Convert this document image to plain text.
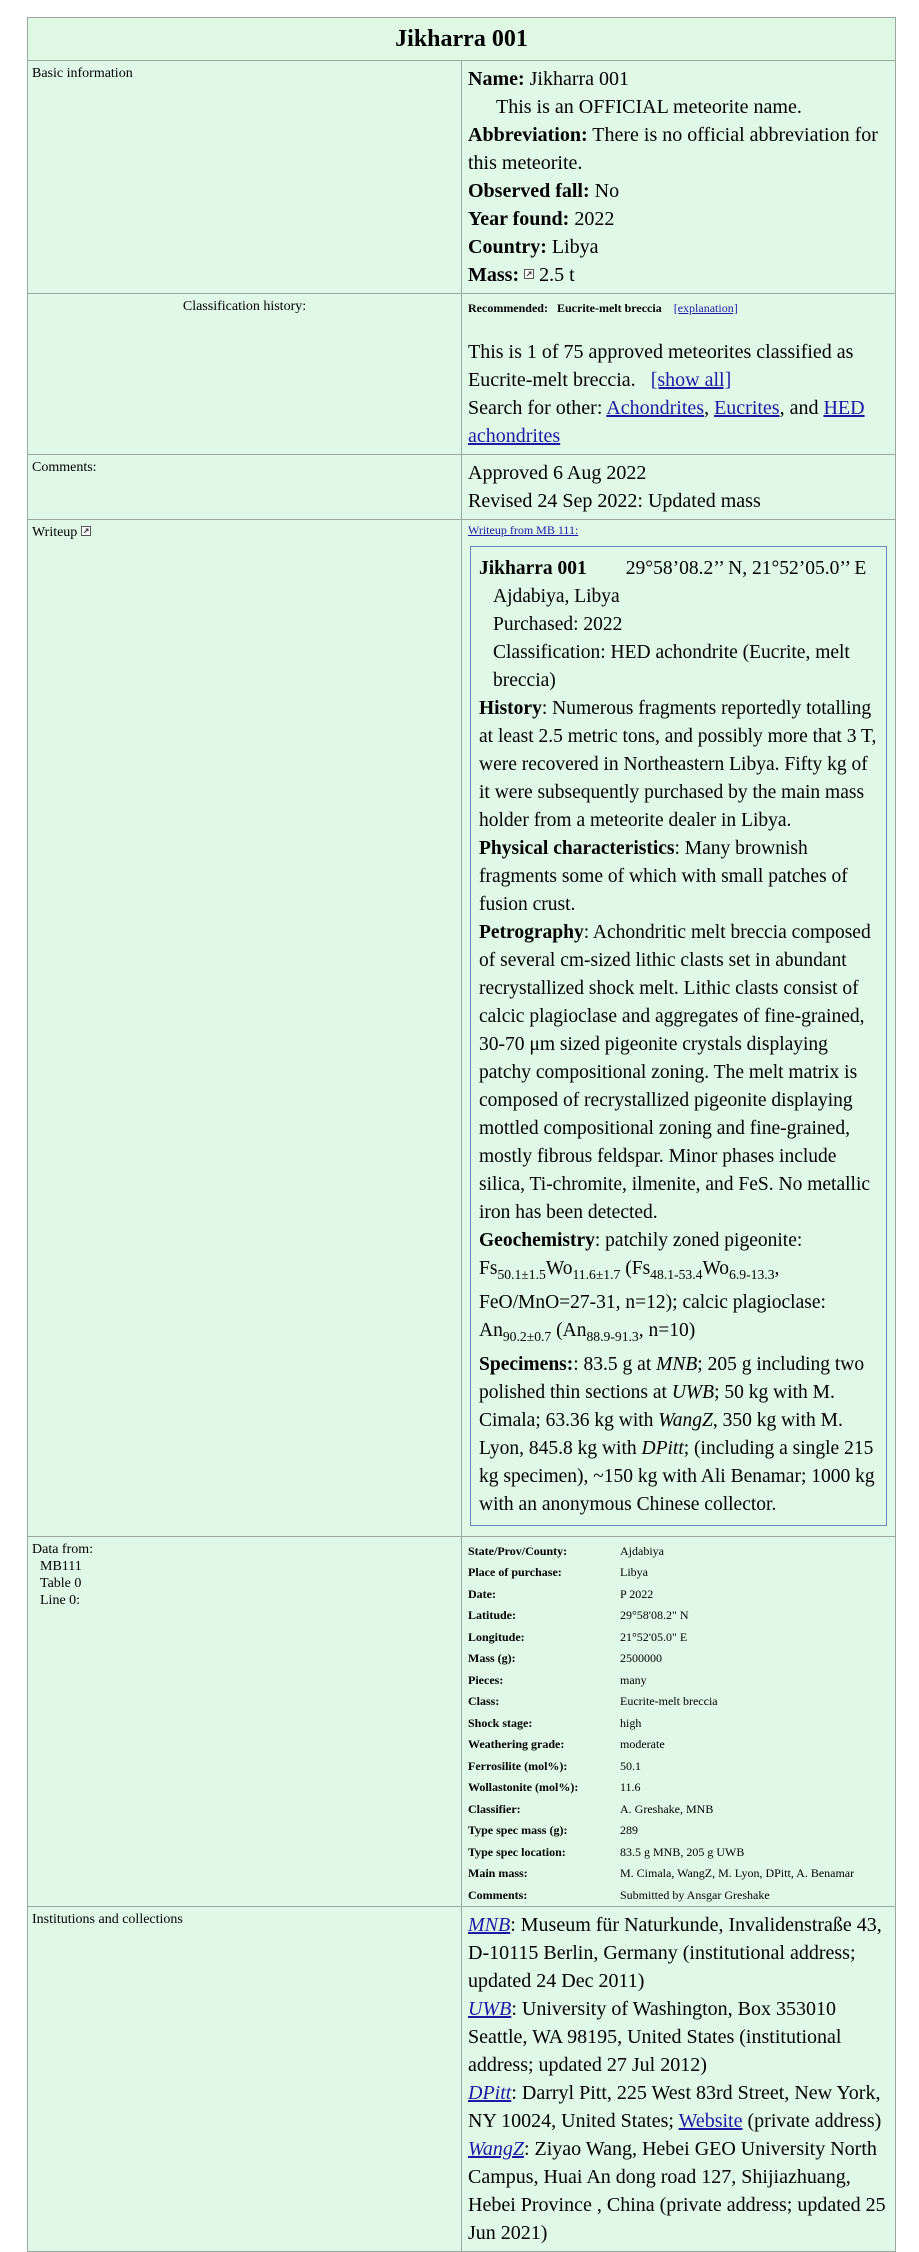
Jikharra 001
Basic information	Name: Jikharra 001
This is an OFFICIAL meteorite name.
Abbreviation: There is no official abbreviation for this meteorite.
Observed fall: No
Year found: 2022
Country: Libya
Mass: 2.5 t

Classification history:	Recommended: Eucrite-melt breccia [explanation]
This is 1 of 75 approved meteorites classified as Eucrite-melt breccia. [show all]
Search for other: Achondrites, Eucrites, and HED achondrites

Comments:	Approved 6 Aug 2022
Revised 24 Sep 2022: Updated mass

Writeup	Writeup from MB 111:
Jikharra 001 29°58’08.2’’ N, 21°52’05.0’’ E
Ajdabiya, Libya
Purchased: 2022
Classification: HED achondrite (Eucrite, melt breccia)
History: Numerous fragments reportedly totalling at least 2.5 metric tons, and possibly more that 3 T, were recovered in Northeastern Libya. Fifty kg of it were subsequently purchased by the main mass holder from a meteorite dealer in Libya.
Physical characteristics: Many brownish fragments some of which with small patches of fusion crust.
Petrography: Achondritic melt breccia composed of several cm-sized lithic clasts set in abundant recrystallized shock melt. Lithic clasts consist of calcic plagioclase and aggregates of fine-grained, 30-70 μm sized pigeonite crystals displaying patchy compositional zoning. The melt matrix is composed of recrystallized pigeonite displaying mottled compositional zoning and fine-grained, mostly fibrous feldspar. Minor phases include silica, Ti-chromite, ilmenite, and FeS. No metallic iron has been detected.
Geochemistry: patchily zoned pigeonite: $Fs_{50.1\pm 1.5}Wo_{11.6\pm 1.7}$ ($Fs_{48.1-53.4}Wo_{6.9-13.3}$, FeO/MnO=27-31, n=12); calcic plagioclase: $An_{90.2\pm 0.7}$ ($An_{88.9-91.3}$, n=10)
Specimens:: 83.5 g at MNB; 205 g including two polished thin sections at UWB; 50 kg with M. Cimala; 63.36 kg with WangZ, 350 kg with M. Lyon, 845.8 kg with DPitt; (including a single 215 kg specimen), ~150 kg with Ali Benamar; 1000 kg with an anonymous Chinese collector.

Data from:
MB111
Table 0
Line 0:

State/Prov/County:	Ajdabiya
Place of purchase:	Libya
Date:	P 2022
Latitude:	29°58'08.2" N
Longitude:	21°52'05.0" E
Mass (g):	2500000
Pieces:	many
Class:	Eucrite-melt breccia
Shock stage:	high
Weathering grade:	moderate
Ferrosilite (mol%):	50.1
Wollastonite (mol%):	11.6
Classifier:	A. Greshake, MNB
Type spec mass (g):	289
Type spec location:	83.5 g MNB, 205 g UWB
Main mass:	M. Cimala, WangZ, M. Lyon, DPitt, A. Benamar
Comments:	Submitted by Ansgar Greshake

Institutions and collections	MNB: Museum für Naturkunde, Invalidenstraße 43, D-10115 Berlin, Germany (institutional address; updated 24 Dec 2011)
UWB: University of Washington, Box 353010 Seattle, WA 98195, United States (institutional address; updated 27 Jul 2012)
DPitt: Darryl Pitt, 225 West 83rd Street, New York, NY 10024, United States; Website (private address)
WangZ: Ziyao Wang, Hebei GEO University North Campus, Huai An dong road 127, Shijiazhuang, Hebei Province , China (private address; updated 25 Jun 2021)
